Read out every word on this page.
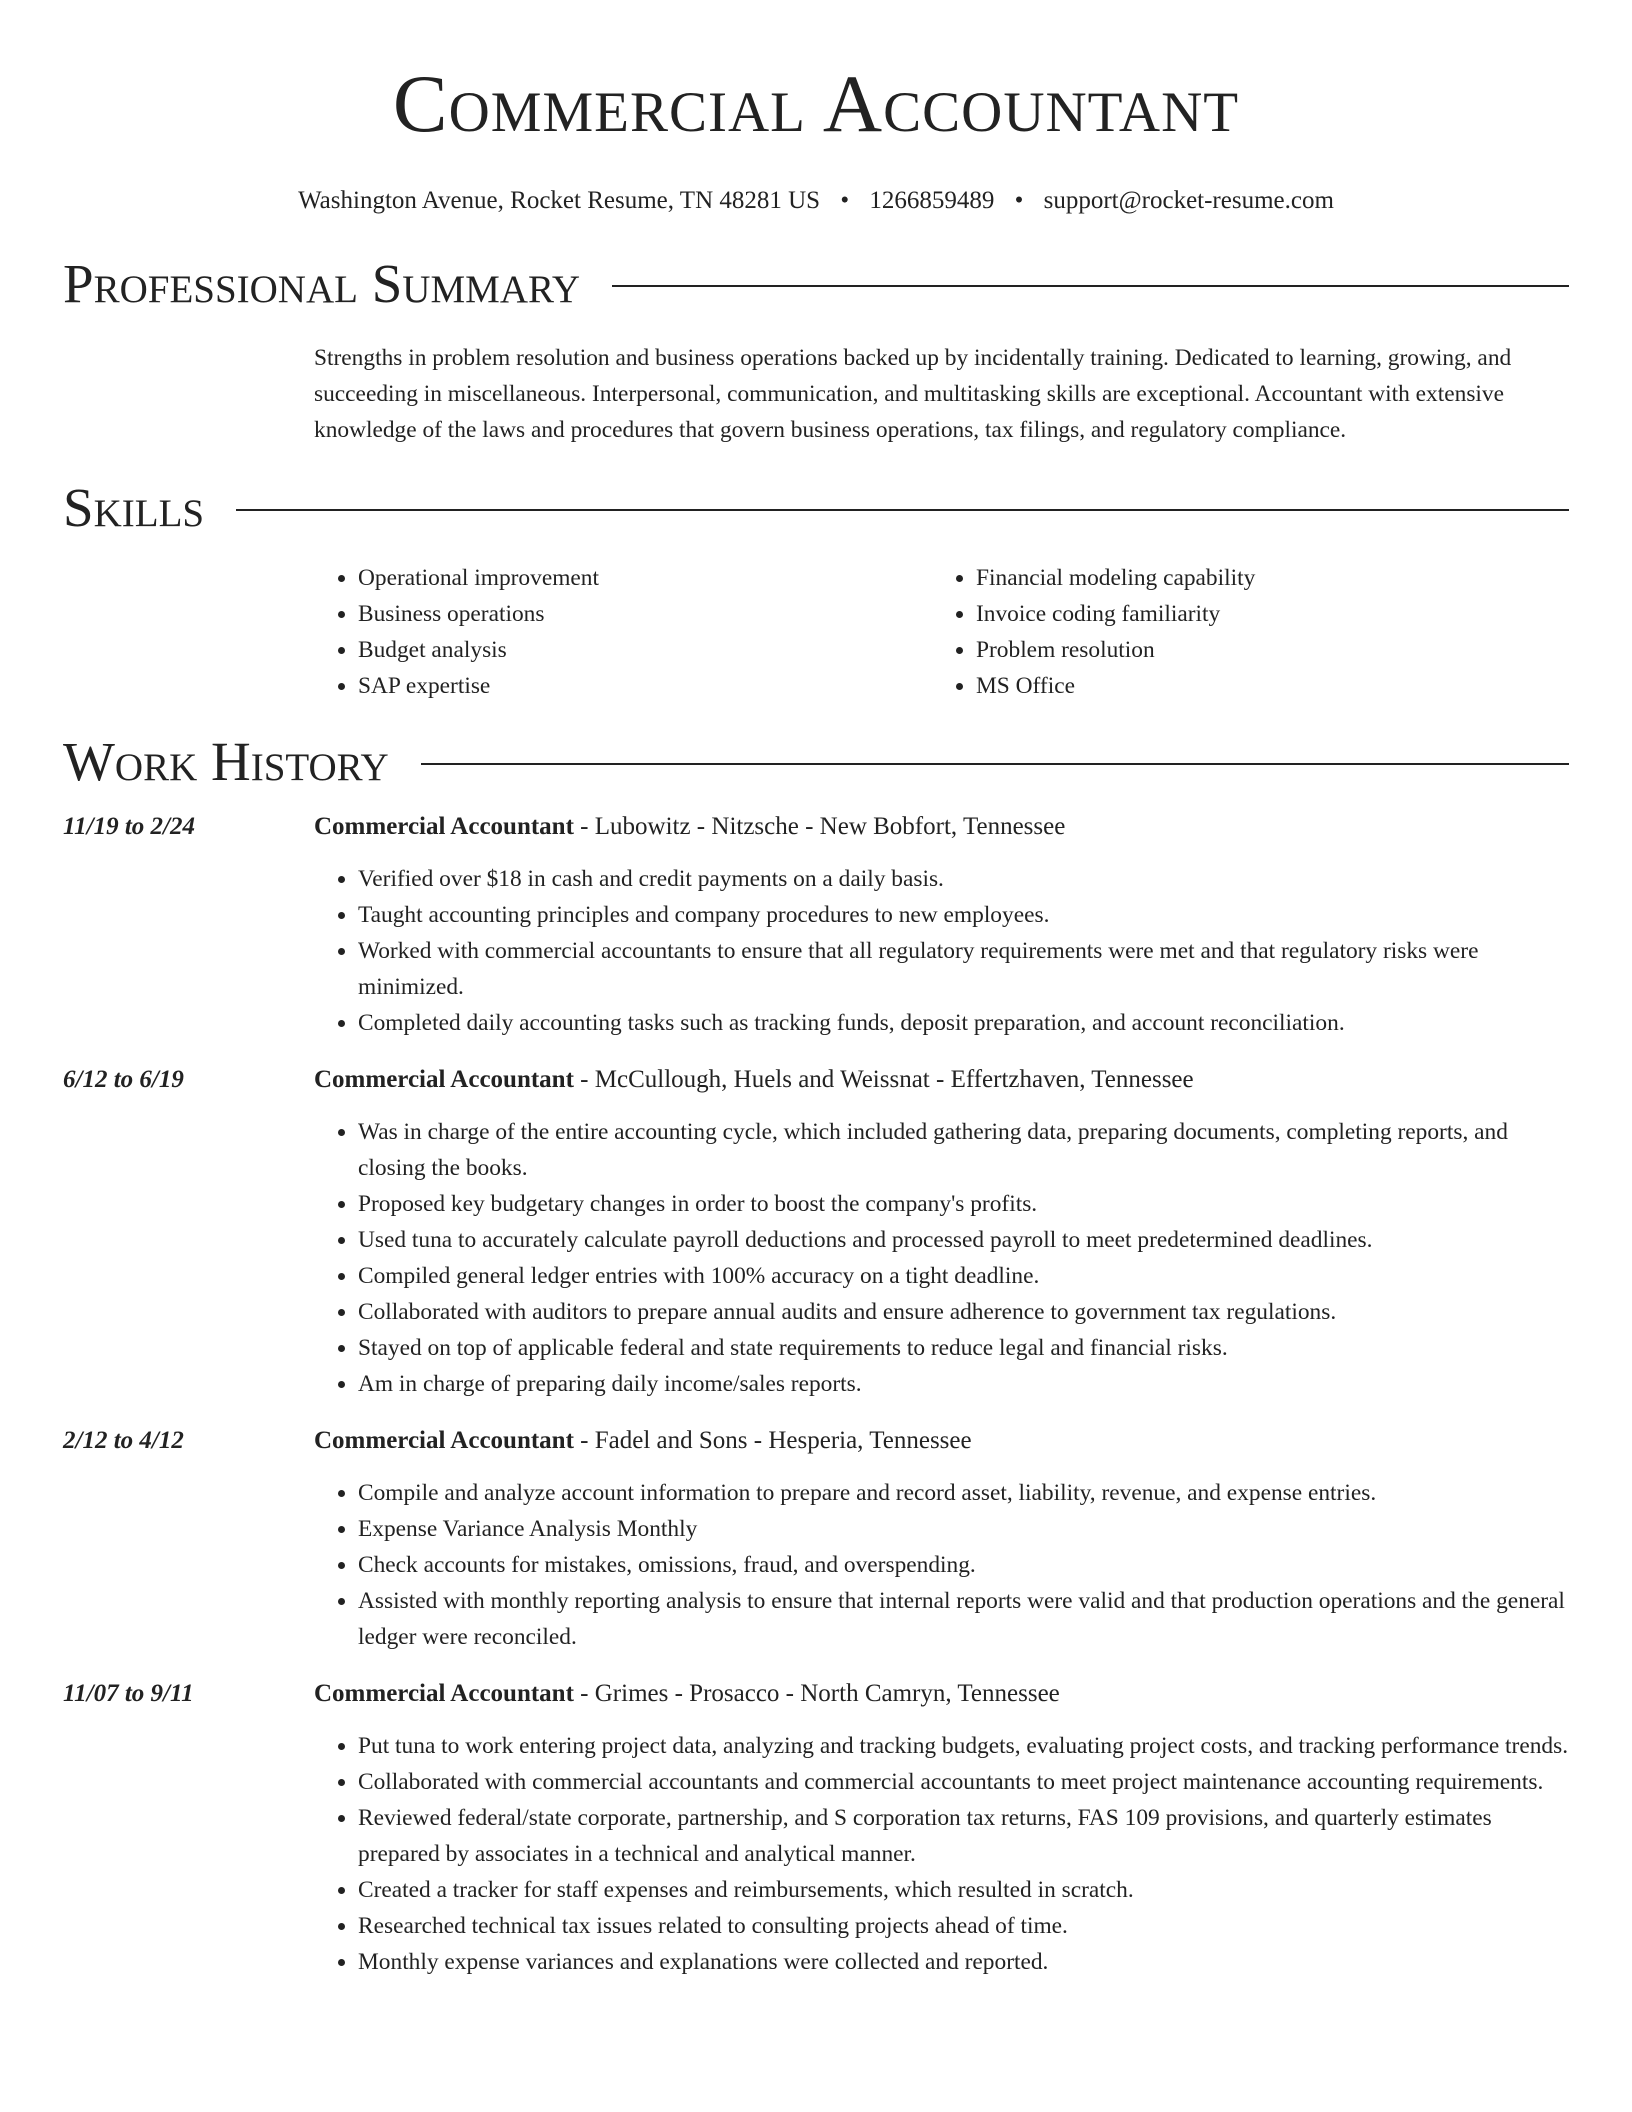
Commercial Accountant
Washington Avenue, Rocket Resume, TN 48281 US • 1266859489 • support@rocket-resume.com
Professional Summary
Strengths in problem resolution and business operations backed up by incidentally training. Dedicated to learning, growing, and succeeding in miscellaneous. Interpersonal, communication, and multitasking skills are exceptional. Accountant with extensive knowledge of the laws and procedures that govern business operations, tax filings, and regulatory compliance.
Skills
• Operational improvement
• Business operations
• Budget analysis
• SAP expertise
• Financial modeling capability
• Invoice coding familiarity
• Problem resolution
• MS Office
Work History
11/19 to 2/24	Commercial Accountant - Lubowitz - Nitzsche - New Bobfort, Tennessee
• Verified over $18 in cash and credit payments on a daily basis.
• Taught accounting principles and company procedures to new employees.
• Worked with commercial accountants to ensure that all regulatory requirements were met and that regulatory risks were minimized.
• Completed daily accounting tasks such as tracking funds, deposit preparation, and account reconciliation.
6/12 to 6/19	Commercial Accountant - McCullough, Huels and Weissnat - Effertzhaven, Tennessee
• Was in charge of the entire accounting cycle, which included gathering data, preparing documents, completing reports, and closing the books.
• Proposed key budgetary changes in order to boost the company's profits.
• Used tuna to accurately calculate payroll deductions and processed payroll to meet predetermined deadlines.
• Compiled general ledger entries with 100% accuracy on a tight deadline.
• Collaborated with auditors to prepare annual audits and ensure adherence to government tax regulations.
• Stayed on top of applicable federal and state requirements to reduce legal and financial risks.
• Am in charge of preparing daily income/sales reports.
2/12 to 4/12	Commercial Accountant - Fadel and Sons - Hesperia, Tennessee
• Compile and analyze account information to prepare and record asset, liability, revenue, and expense entries.
• Expense Variance Analysis Monthly
• Check accounts for mistakes, omissions, fraud, and overspending.
• Assisted with monthly reporting analysis to ensure that internal reports were valid and that production operations and the general ledger were reconciled.
11/07 to 9/11	Commercial Accountant - Grimes - Prosacco - North Camryn, Tennessee
• Put tuna to work entering project data, analyzing and tracking budgets, evaluating project costs, and tracking performance trends.
• Collaborated with commercial accountants and commercial accountants to meet project maintenance accounting requirements.
• Reviewed federal/state corporate, partnership, and S corporation tax returns, FAS 109 provisions, and quarterly estimates prepared by associates in a technical and analytical manner.
• Created a tracker for staff expenses and reimbursements, which resulted in scratch.
• Researched technical tax issues related to consulting projects ahead of time.
• Monthly expense variances and explanations were collected and reported.
